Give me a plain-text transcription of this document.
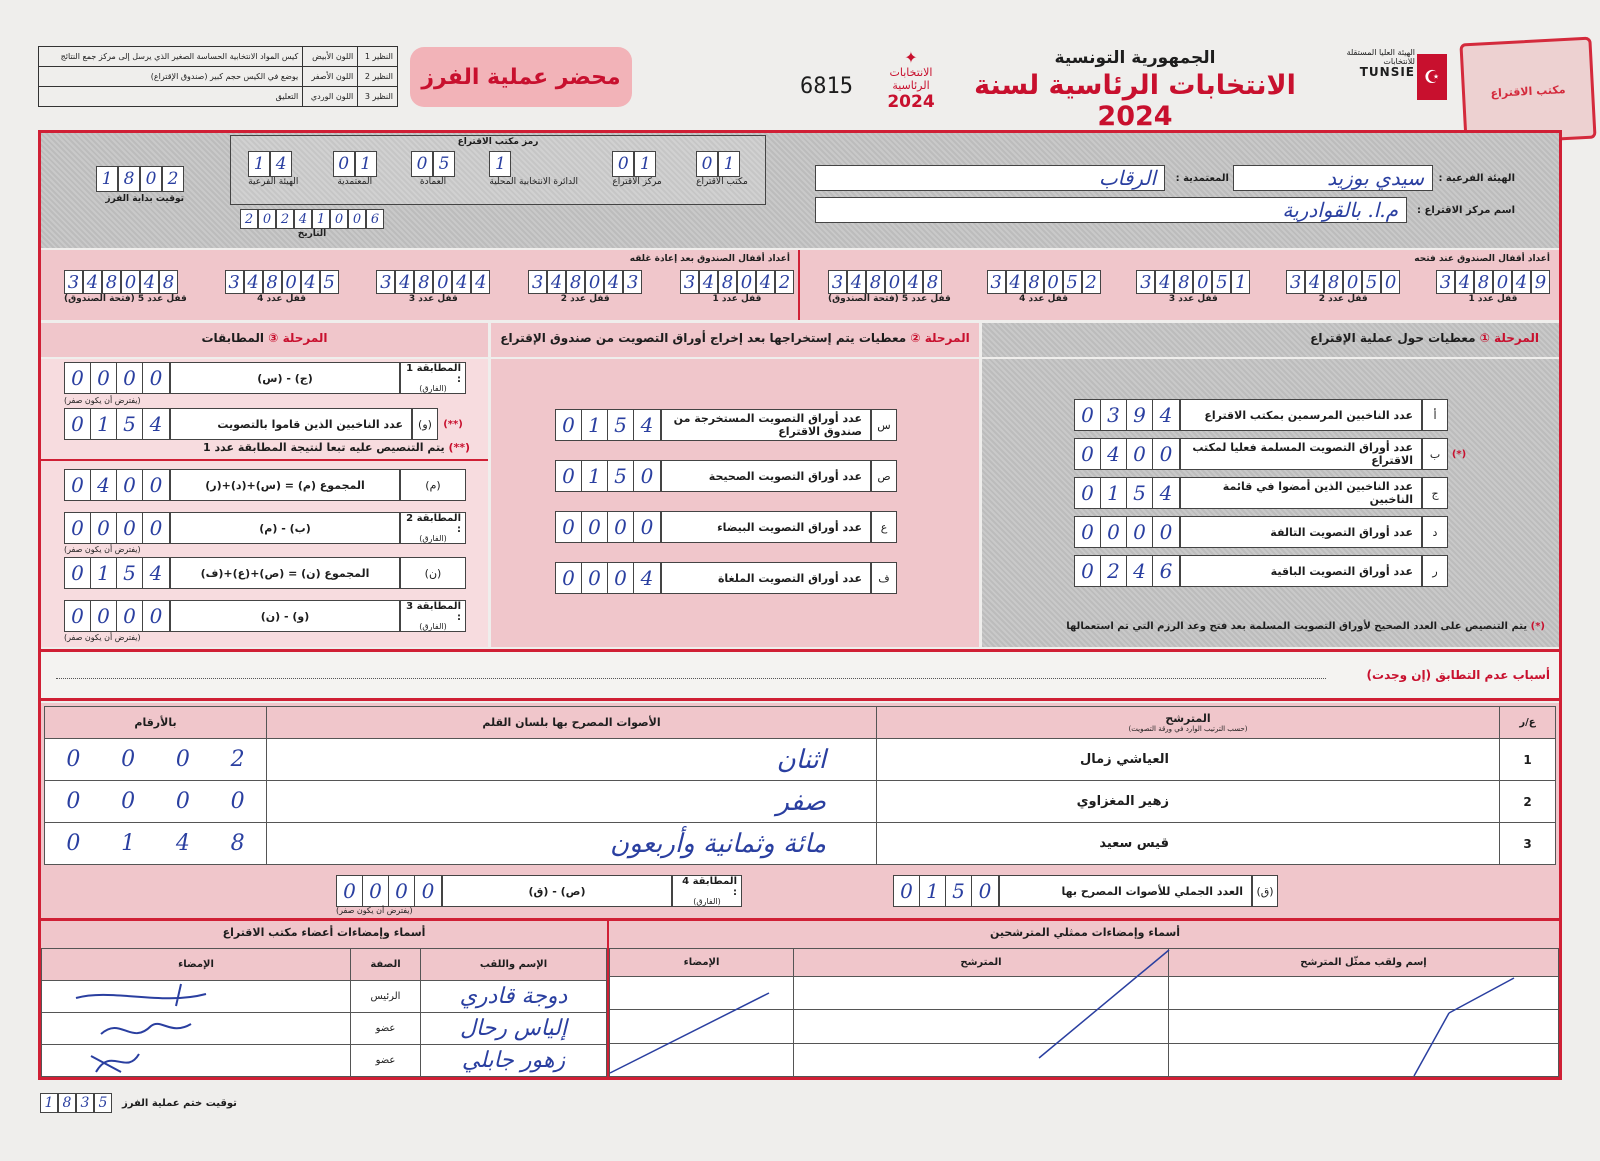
النظير 1	اللون الأبيض	كيس المواد الانتخابية الحساسة الصغير الذي يرسل إلى مركز جمع النتائج
النظير 2	اللون الأصفر	يوضع في الكيس حجم كبير (صندوق الإقتراع)
النظير 3	اللون الوردي	التعليق
محضر عملية الفرز	6815
✦
الانتخابات
الرئاسية
2024
الجمهورية التونسية
الانتخابات الرئاسية لسنة 2024
الهيئة العليا المستقلة للانتخابات
TUNSIE ☪
مكتب الاقتراع
1 8 0 2
توقيت بداية الفرز
رمز مكتب الاقتراع
1 4
الهيئة الفرعية
0 1
المعتمدية
0 5
العمادة
1
الدائرة الانتخابية المحلية
0 1
مركز الاقتراع
0 1
مكتب الاقتراع
2 0 2 4 1 0 0 6
التاريخ
الهيئة الفرعية :
سيدي بوزيد
المعتمدية :
الرقاب
اسم مركز الاقتراع :
م.ا. بالقوادرية
أعداد أقفال الصندوق بعد إعادة غلقه	أعداد أقفال الصندوق عند فتحه
3 4 8 0 4 8
قفل عدد 5 (فتحة الصندوق)
3 4 8 0 4 5
قفل عدد 4
3 4 8 0 4 4
قفل عدد 3
3 4 8 0 4 3
قفل عدد 2
3 4 8 0 4 2
قفل عدد 1
3 4 8 0 4 8
قفل عدد 5 (فتحة الصندوق)
3 4 8 0 5 2
قفل عدد 4
3 4 8 0 5 1
قفل عدد 3
3 4 8 0 5 0
قفل عدد 2
3 4 8 0 4 9
قفل عدد 1
المرحلة ③ المطابقات	المرحلة ② معطيات يتم إستخراجها بعد إخراج أوراق التصويت من صندوق الإقتراع	المرحلة ① معطيات حول عملية الإقتراع
أ
عدد الناخبين المرسمين بمكتب الاقتراع
0 3 9 4
(*)
ب
عدد أوراق التصويت المسلمة فعليا لمكتب الاقتراع
0 4 0 0
ج
عدد الناخبين الذين أمضوا في قائمة الناخبين
0 1 5 4
د
عدد أوراق التصويت التالفة
0 0 0 0
ر
عدد أوراق التصويت الباقية
0 2 4 6
(*) يتم التنصيص على العدد الصحيح لأوراق التصويت المسلمة بعد فتح وعد الرزم التي تم استعمالها
س
عدد أوراق التصويت المستخرجة من صندوق الاقتراع
0 1 5 4
ص
عدد أوراق التصويت الصحيحة
0 1 5 0
ع
عدد أوراق التصويت البيضاء
0 0 0 0
ف
عدد أوراق التصويت الملغاة
0 0 0 4
المطابقة 1 :
(الفارق)
(ج) - (س)
0 0 0 0
(يفترض أن يكون صفر)
(**)
(و)
عدد الناخبين الذين قاموا بالتصويت
0 1 5 4
(**) يتم التنصيص عليه تبعا لنتيجة المطابقة عدد 1
(م)
المجموع (م) = (س)+(د)+(ر)
0 4 0 0
المطابقة 2 :
(الفارق)
(ب) - (م)
0 0 0 0
(يفترض أن يكون صفر)
(ن)
المجموع (ن) = (ص)+(ع)+(ف)
0 1 5 4
المطابقة 3 :
(الفارق)
(و) - (ن)
0 0 0 0
(يفترض أن يكون صفر)
أسباب عدم التطابق (إن وجدت)
ع/ر	المترشح
(حسب الترتيب الوارد في ورقة التصويت)	الأصوات المصرح بها بلسان القلم	بالأرقام
1	العياشي زمال	اثنان	0 0 0 2

2	زهير المغزاوي	صفر	0 0 0 0

3	قيس سعيد	مائة وثمانية وأربعون	0 1 4 8
(ق)
العدد الجملي للأصوات المصرح بها
0 1 5 0
المطابقة 4 :
(الفارق)
(ص) - (ق)
0 0 0 0
(يفترض أن يكون صفر)
أسماء وإمضاءات ممثلي المترشحين
أسماء وإمضاءات أعضاء مكتب الاقتراع
إسم ولقب ممثّل المترشح	المترشح	الإمضاء

الإسم واللقب	الصفة	الإمضاء
دوجة قادري	الرئيس	
إلياس رحال	عضو	
زهور جابلي	عضو	
1 8 3 5	توقيت ختم عملية الفرز
